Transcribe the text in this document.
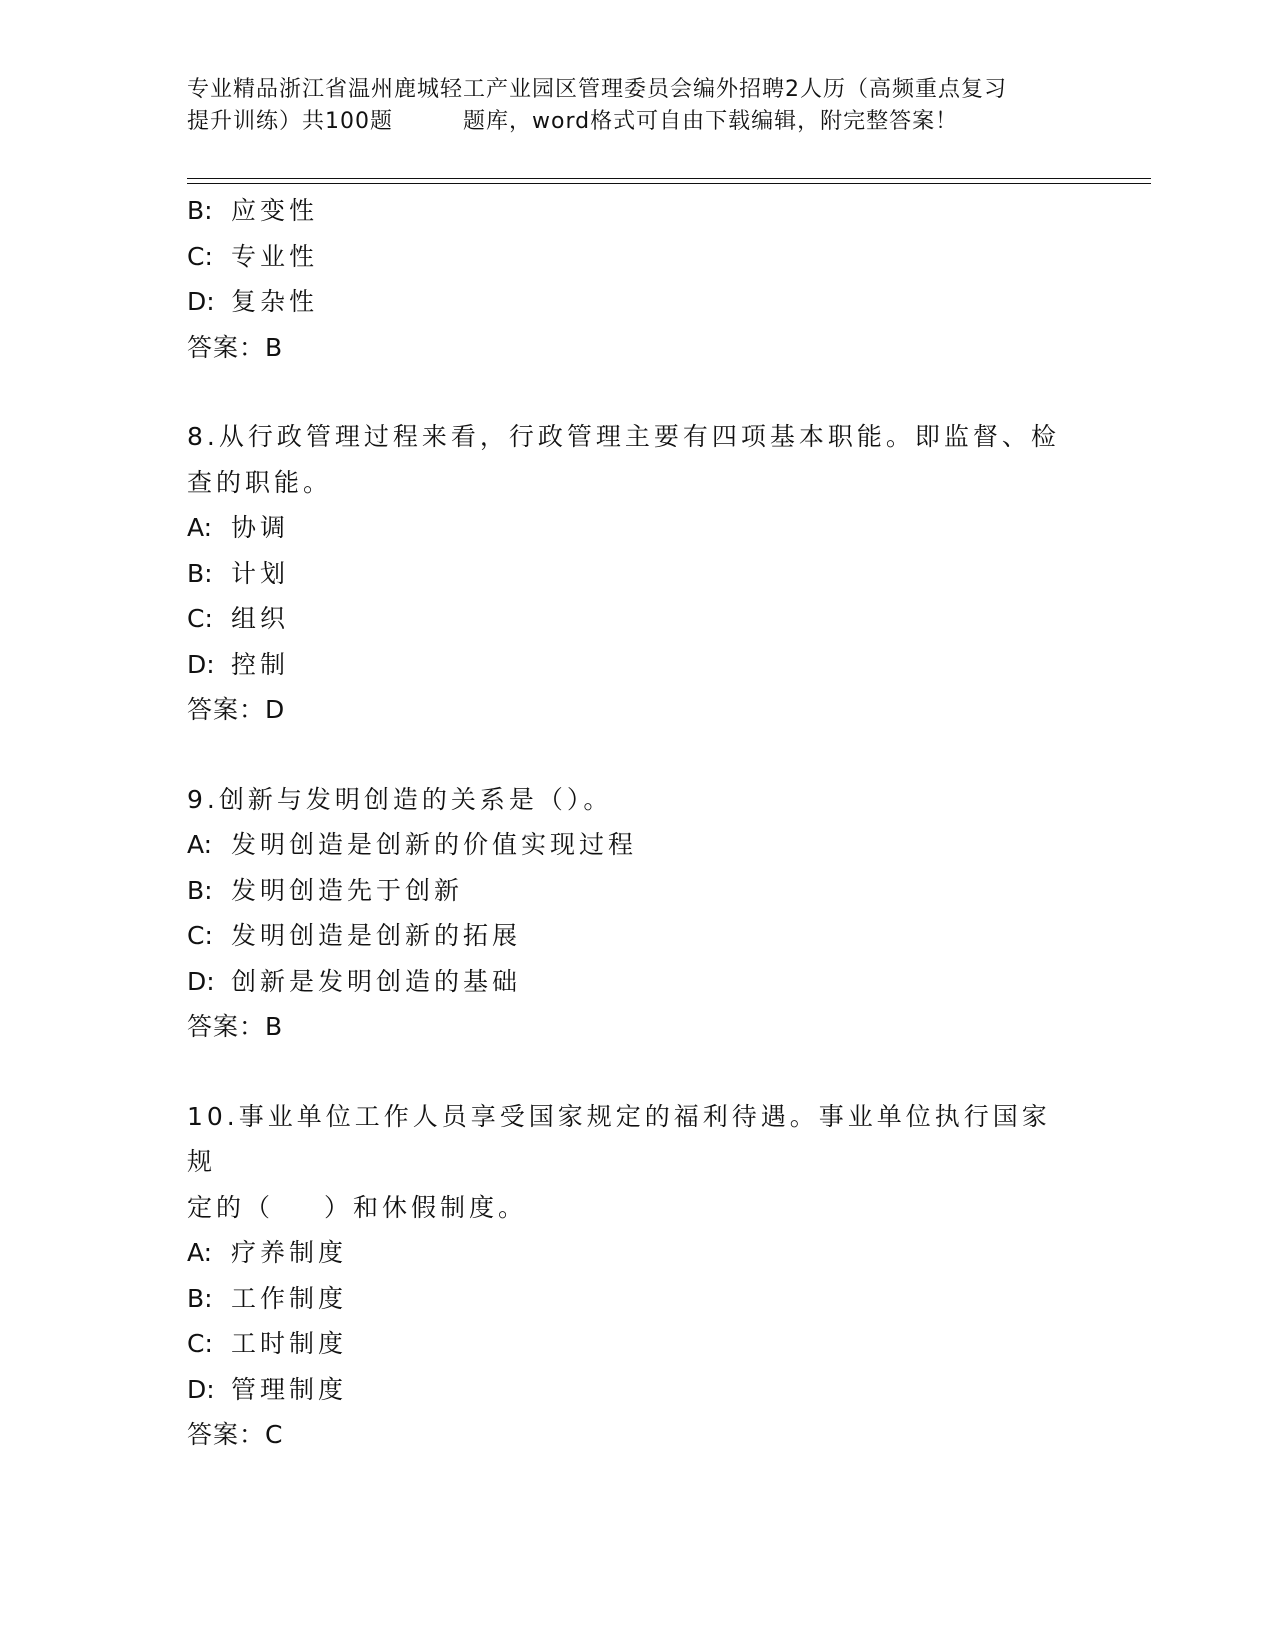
专业精品浙江省温州鹿城轻工产业园区管理委员会编外招聘2人历（高频重点复习
提升训练）共100题	题库，word格式可自由下载编辑，附完整答案！
B: 应变性
C: 专业性
D: 复杂性
答案：B
8.从行政管理过程来看，行政管理主要有四项基本职能。即监督、检
查的职能。
A: 协调
B: 计划
C: 组织
D: 控制
答案：D
9.创新与发明创造的关系是（）。
A: 发明创造是创新的价值实现过程
B: 发明创造先于创新
C: 发明创造是创新的拓展
D: 创新是发明创造的基础
答案：B
10.事业单位工作人员享受国家规定的福利待遇。事业单位执行国家规
定的（ ）和休假制度。
A: 疗养制度
B: 工作制度
C: 工时制度
D: 管理制度
答案：C
